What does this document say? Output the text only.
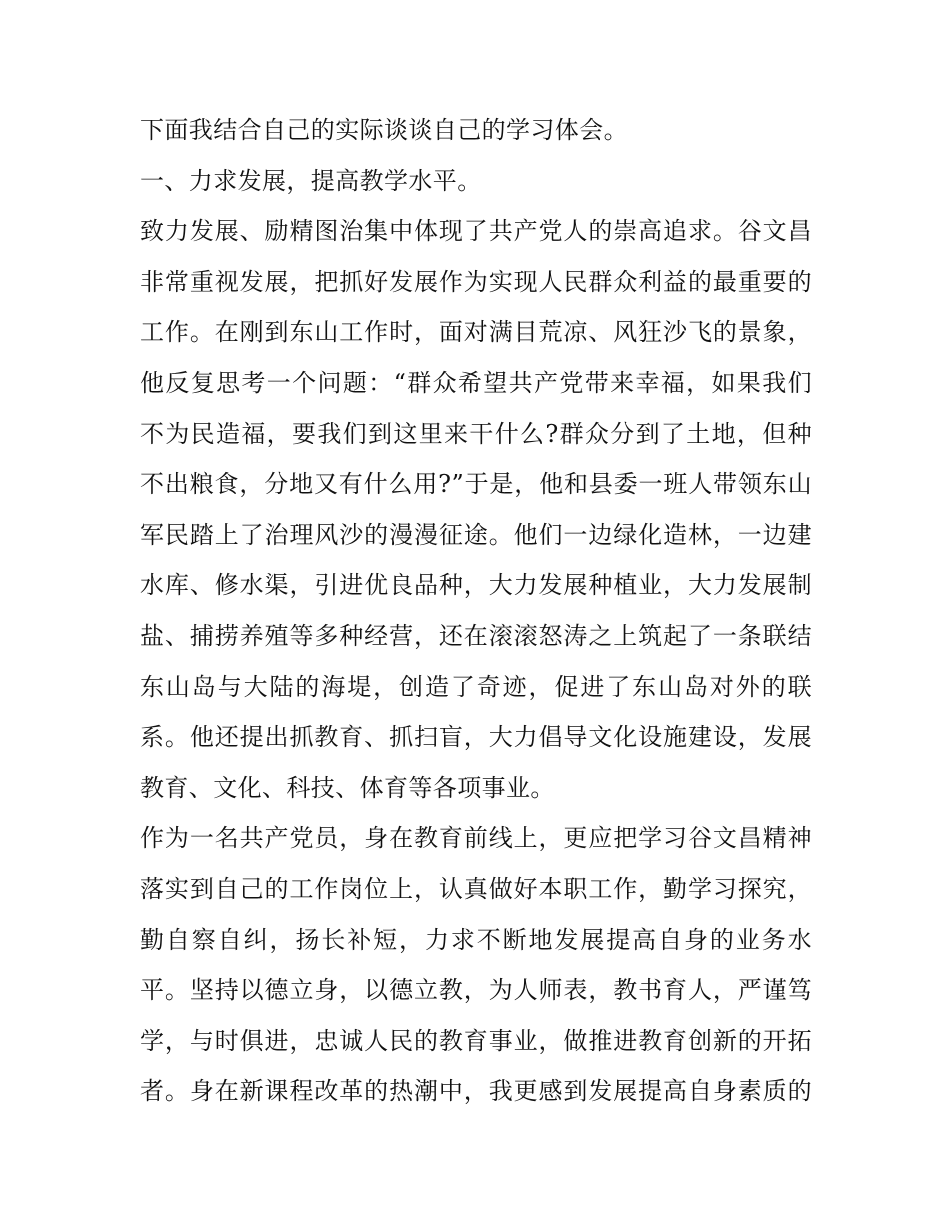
下面我结合自己的实际谈谈自己的学习体会。
一、力求发展，提高教学水平。
致力发展、励精图治集中体现了共产党人的崇高追求。谷文昌
非常重视发展，把抓好发展作为实现人民群众利益的最重要的
工作。在刚到东山工作时，面对满目荒凉、风狂沙飞的景象，
他反复思考一个问题：“群众希望共产党带来幸福，如果我们
不为民造福，要我们到这里来干什么?群众分到了土地，但种
不出粮食，分地又有什么用?”于是，他和县委一班人带领东山
军民踏上了治理风沙的漫漫征途。他们一边绿化造林，一边建
水库、修水渠，引进优良品种，大力发展种植业，大力发展制
盐、捕捞养殖等多种经营，还在滚滚怒涛之上筑起了一条联结
东山岛与大陆的海堤，创造了奇迹，促进了东山岛对外的联
系。他还提出抓教育、抓扫盲，大力倡导文化设施建设，发展
教育、文化、科技、体育等各项事业。
作为一名共产党员，身在教育前线上，更应把学习谷文昌精神
落实到自己的工作岗位上，认真做好本职工作，勤学习探究，
勤自察自纠，扬长补短，力求不断地发展提高自身的业务水
平。坚持以德立身，以德立教，为人师表，教书育人，严谨笃
学，与时俱进，忠诚人民的教育事业，做推进教育创新的开拓
者。身在新课程改革的热潮中，我更感到发展提高自身素质的
